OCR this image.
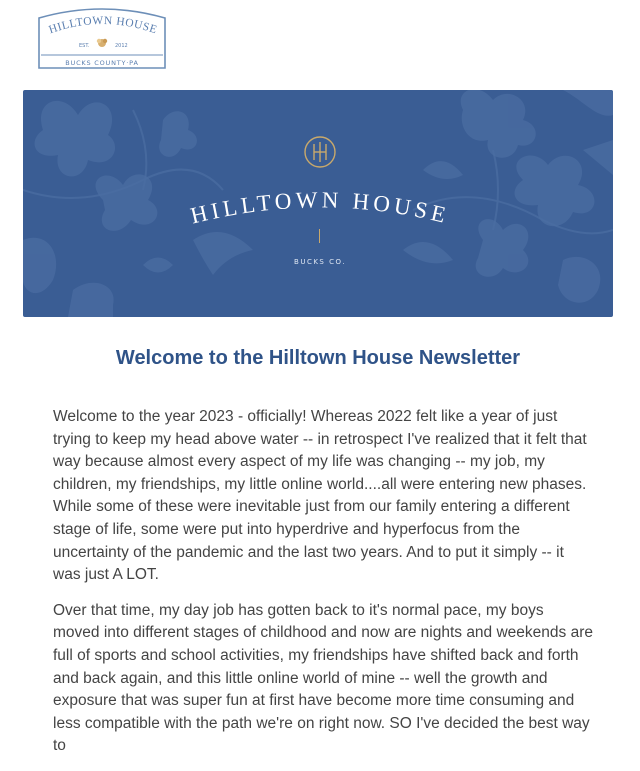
HILLTOWN HOUSE
EST.	2012
BUCKS COUNTY·PA
HILLTOWN HOUSE
BUCKS CO.
Welcome to the Hilltown House Newsletter

Welcome to the year 2023 - officially! Whereas 2022 felt like a year of just trying to keep my head above water -- in retrospect I've realized that it felt that way because almost every aspect of my life was changing -- my job, my children, my friendships, my little online world....all were entering new phases. While some of these were inevitable just from our family entering a different stage of life, some were put into hyperdrive and hyperfocus from the uncertainty of the pandemic and the last two years. And to put it simply -- it was just A LOT.

Over that time, my day job has gotten back to it's normal pace, my boys moved into different stages of childhood and now are nights and weekends are full of sports and school activities, my friendships have shifted back and forth and back again, and this little online world of mine -- well the growth and exposure that was super fun at first have become more time consuming and less compatible with the path we're on right now. SO I've decided the best way to
